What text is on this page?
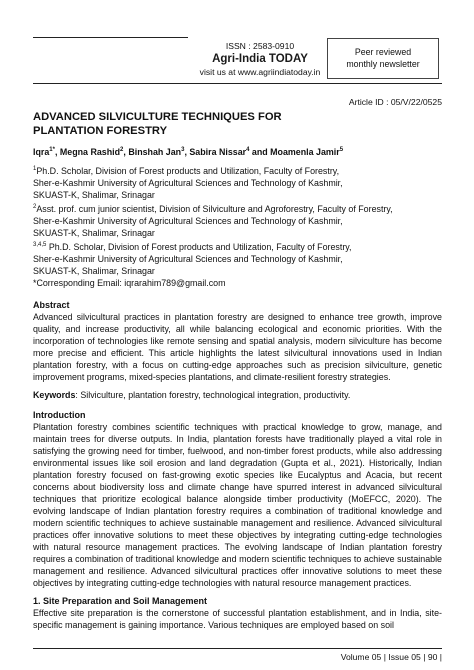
ISSN : 2583-0910
Agri-India TODAY
visit us at www.agriindiatoday.in
Peer reviewed
monthly newsletter
Article ID : 05/V/22/0525
ADVANCED SILVICULTURE TECHNIQUES FOR
PLANTATION FORESTRY
Iqra$^{1*}$, Megna Rashid$^2$, Binshah Jan$^3$, Sabira Nissar$^4$ and Moamenla Jamir$^5$
$^1$Ph.D. Scholar, Division of Forest products and Utilization, Faculty of Forestry,
Sher-e-Kashmir University of Agricultural Sciences and Technology of Kashmir,
SKUAST-K, Shalimar, Srinagar
$^2$Asst. prof. cum junior scientist, Division of Silviculture and Agroforestry, Faculty of Forestry,
Sher-e-Kashmir University of Agricultural Sciences and Technology of Kashmir,
SKUAST-K, Shalimar, Srinagar
$^{3,4,5}$ Ph.D. Scholar, Division of Forest products and Utilization, Faculty of Forestry,
Sher-e-Kashmir University of Agricultural Sciences and Technology of Kashmir,
SKUAST-K, Shalimar, Srinagar
*Corresponding Email: iqrarahim789@gmail.com
Abstract
Advanced silvicultural practices in plantation forestry are designed to enhance tree growth, improve quality, and increase productivity, all while balancing ecological and economic priorities. With the incorporation of technologies like remote sensing and spatial analysis, modern silviculture has become more precise and efficient. This article highlights the latest silvicultural innovations used in Indian plantation forestry, with a focus on cutting-edge approaches such as precision silviculture, genetic improvement programs, mixed-species plantations, and climate-resilient forestry strategies.
Keywords: Silviculture, plantation forestry, technological integration, productivity.
Introduction
Plantation forestry combines scientific techniques with practical knowledge to grow, manage, and maintain trees for diverse outputs. In India, plantation forests have traditionally played a vital role in satisfying the growing need for timber, fuelwood, and non-timber forest products, while also addressing environmental issues like soil erosion and land degradation (Gupta et al., 2021). Historically, Indian plantation forestry focused on fast-growing exotic species like Eucalyptus and Acacia, but recent concerns about biodiversity loss and climate change have spurred interest in advanced silvicultural techniques that prioritize ecological balance alongside timber productivity (MoEFCC, 2020). The evolving landscape of Indian plantation forestry requires a combination of traditional knowledge and modern scientific techniques to achieve sustainable management and resilience. Advanced silvicultural practices offer innovative solutions to meet these objectives by integrating cutting-edge technologies with natural resource management practices. The evolving landscape of Indian plantation forestry requires a combination of traditional knowledge and modern scientific techniques to achieve sustainable management and resilience. Advanced silvicultural practices offer innovative solutions to meet these objectives by integrating cutting-edge technologies with natural resource management practices.
1. Site Preparation and Soil Management
Effective site preparation is the cornerstone of successful plantation establishment, and in India, site-specific management is gaining importance. Various techniques are employed based on soil
Volume 05 | Issue 05 | 90 |
